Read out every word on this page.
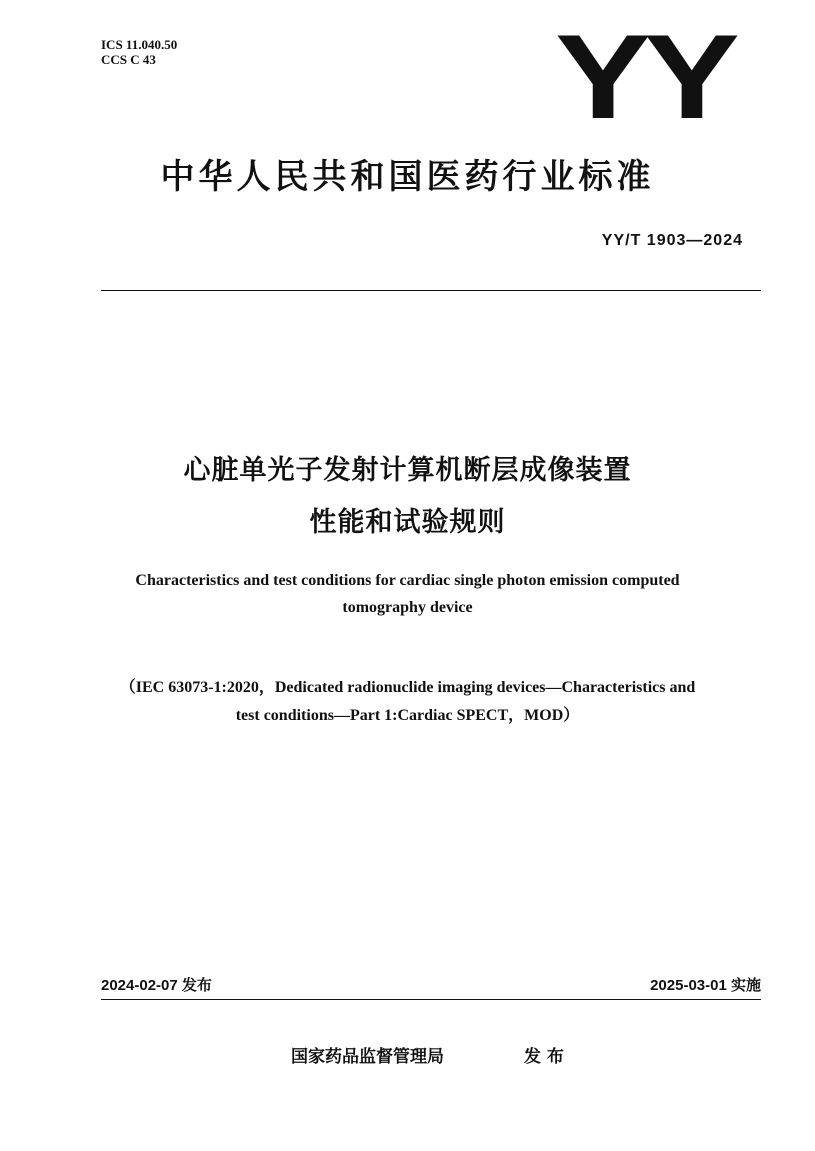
ICS 11.040.50
CCS C 43	YY
中华人民共和国医药行业标准
YY/T 1903—2024
心脏单光子发射计算机断层成像装置
性能和试验规则
Characteristics and test conditions for cardiac single photon emission computed
tomography device
（IEC 63073-1:2020，Dedicated radionuclide imaging devices—Characteristics and
test conditions—Part 1:Cardiac SPECT，MOD）
2024-02-07 发布	2025-03-01 实施
国家药品监督管理局	发 布
